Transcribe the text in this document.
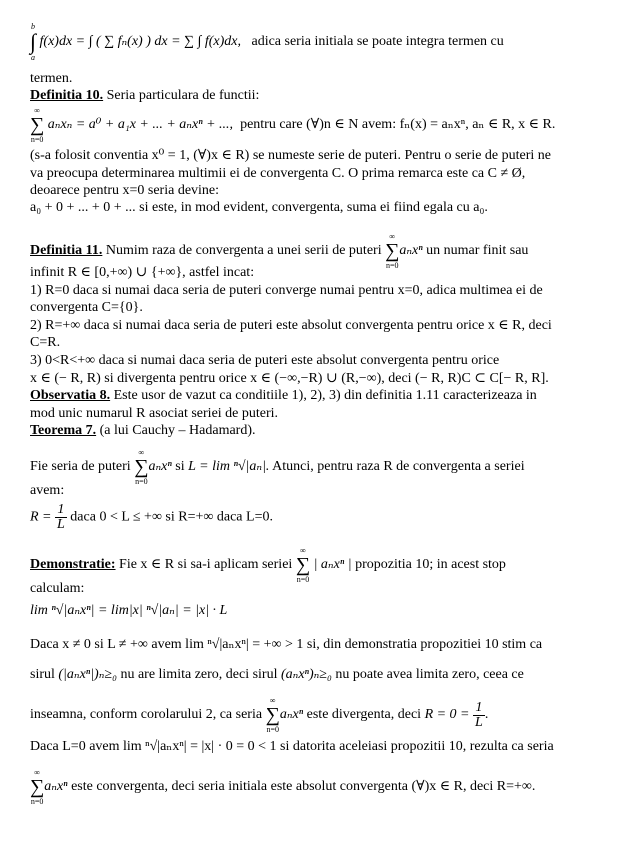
b
∫
a
f(x)dx = ∫ ( ∑ fₙ(x) ) dx = ∑ ∫ f(x)dx, adica seria initiala se poate integra termen cu
termen.
Definitia 10. Seria particulara de functii:
∞
∑
n=0
aₙxₙ = a⁰ + a₁x + ... + aₙxⁿ + ..., pentru care (∀)n ∈ N avem: fₙ(x) = aₙxⁿ, aₙ ∈ R, x ∈ R.
(s-a folosit conventia x⁰ = 1, (∀)x ∈ R) se numeste serie de puteri. Pentru o serie de puteri ne
va preocupa determinarea multimii ei de convergenta C. O prima remarca este ca C ≠ Ø,
deoarece pentru x=0 seria devine:
a₀ + 0 + ... + 0 + ... si este, in mod evident, convergenta, suma ei fiind egala cu a₀.
Definitia 11. Numim raza de convergenta a unei serii de puteri
∞
∑
n=0
aₙxⁿ un numar finit sau
infinit R ∈ [0,+∞) ∪ {+∞}, astfel incat:
1) R=0 daca si numai daca seria de puteri converge numai pentru x=0, adica multimea ei de
convergenta C={0}.
2) R=+∞ daca si numai daca seria de puteri este absolut convergenta pentru orice x ∈ R, deci
C=R.
3) 0<R<+∞ daca si numai daca seria de puteri este absolut convergenta pentru orice
x ∈ (− R, R) si divergenta pentru orice x ∈ (−∞,−R) ∪ (R,−∞), deci (− R, R)C ⊂ C[− R, R].
Observatia 8. Este usor de vazut ca conditiile 1), 2), 3) din definitia 1.11 caracterizeaza in
mod unic numarul R asociat seriei de puteri.
Teorema 7. (a lui Cauchy – Hadamard).
Fie seria de puteri
∞
∑
n=0
aₙxⁿ si L = lim ⁿ√|aₙ|. Atunci, pentru raza R de convergenta a seriei
avem:
$R = \frac{1}{L}$ daca 0 < L ≤ +∞ si R=+∞ daca L=0.
Demonstratie: Fie x ∈ R si sa-i aplicam seriei
∞
∑
n=0
| aₙxⁿ | propozitia 10; in acest stop
calculam:
lim ⁿ√|aₙxⁿ| = lim|x| ⁿ√|aₙ| = |x| · L
Daca x ≠ 0 si L ≠ +∞ avem lim ⁿ√|aₙxⁿ| = +∞ > 1 si, din demonstratia propozitiei 10 stim ca
sirul (|aₙxⁿ|)ₙ≥₀ nu are limita zero, deci sirul (aₙxⁿ)ₙ≥₀ nu poate avea limita zero, ceea ce
inseamna, conform corolarului 2, ca seria
∞
∑
n=0
aₙxⁿ este divergenta, deci $R = 0 = \frac{1}{L}$ .
Daca L=0 avem lim ⁿ√|aₙxⁿ| = |x| · 0 = 0 < 1 si datorita aceleiasi propozitii 10, rezulta ca seria
∞
∑
n=0
aₙxⁿ este convergenta, deci seria initiala este absolut convergenta (∀)x ∈ R, deci R=+∞.
